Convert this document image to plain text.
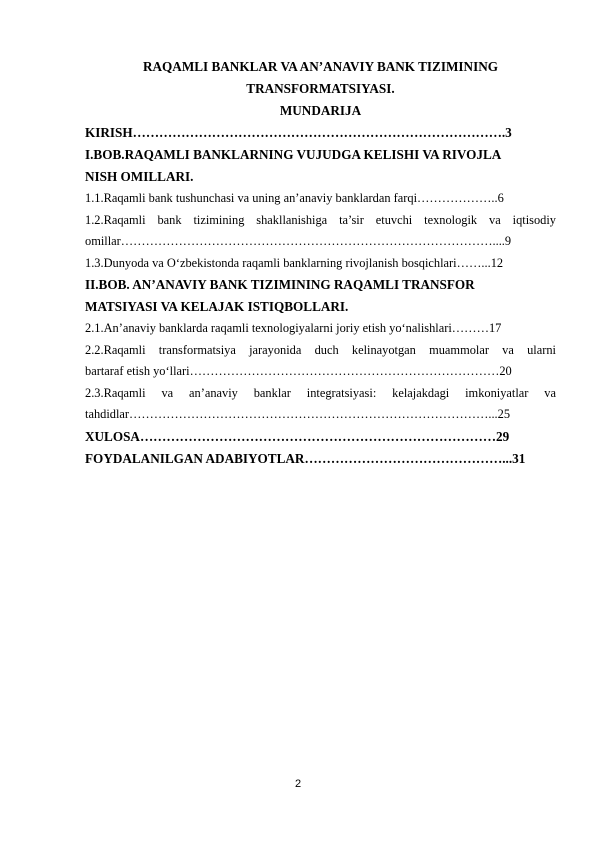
RAQAMLI BANKLAR VA AN’ANAVIY BANK TIZIMINING
TRANSFORMATSIYASI.
MUNDARIJA
KIRISH………………………………………………………………………….3
I.BOB.RAQAMLI BANKLARNING VUJUDGA KELISHI VA RIVOJLA
NISH OMILLARI.
1.1.Raqamli bank tushunchasi va uning an’anaviy banklardan farqi………………..6
1.2.Raqamli bank tizimining shakllanishiga ta’sir etuvchi texnologik va iqtisodiy
omillar………………………………………………………………………………....9
1.3.Dunyoda va O‘zbekistonda raqamli banklarning rivojlanish bosqichlari……...12
II.BOB. AN’ANAVIY BANK TIZIMINING RAQAMLI TRANSFOR
MATSIYASI VA KELAJAK ISTIQBOLLARI.
2.1.An’anaviy banklarda raqamli texnologiyalarni joriy etish yo‘nalishlari………17
2.2.Raqamli transformatsiya jarayonida duch kelinayotgan muammolar va ularni
bartaraf etish yo‘llari…………………………………………………………………20
2.3.Raqamli va an’anaviy banklar integratsiyasi: kelajakdagi imkoniyatlar va
tahdidlar……………………………………………………………………………...25
XULOSA………………………………………………………………………29
FOYDALANILGAN ADABIYOTLAR………………………………………...31
2
